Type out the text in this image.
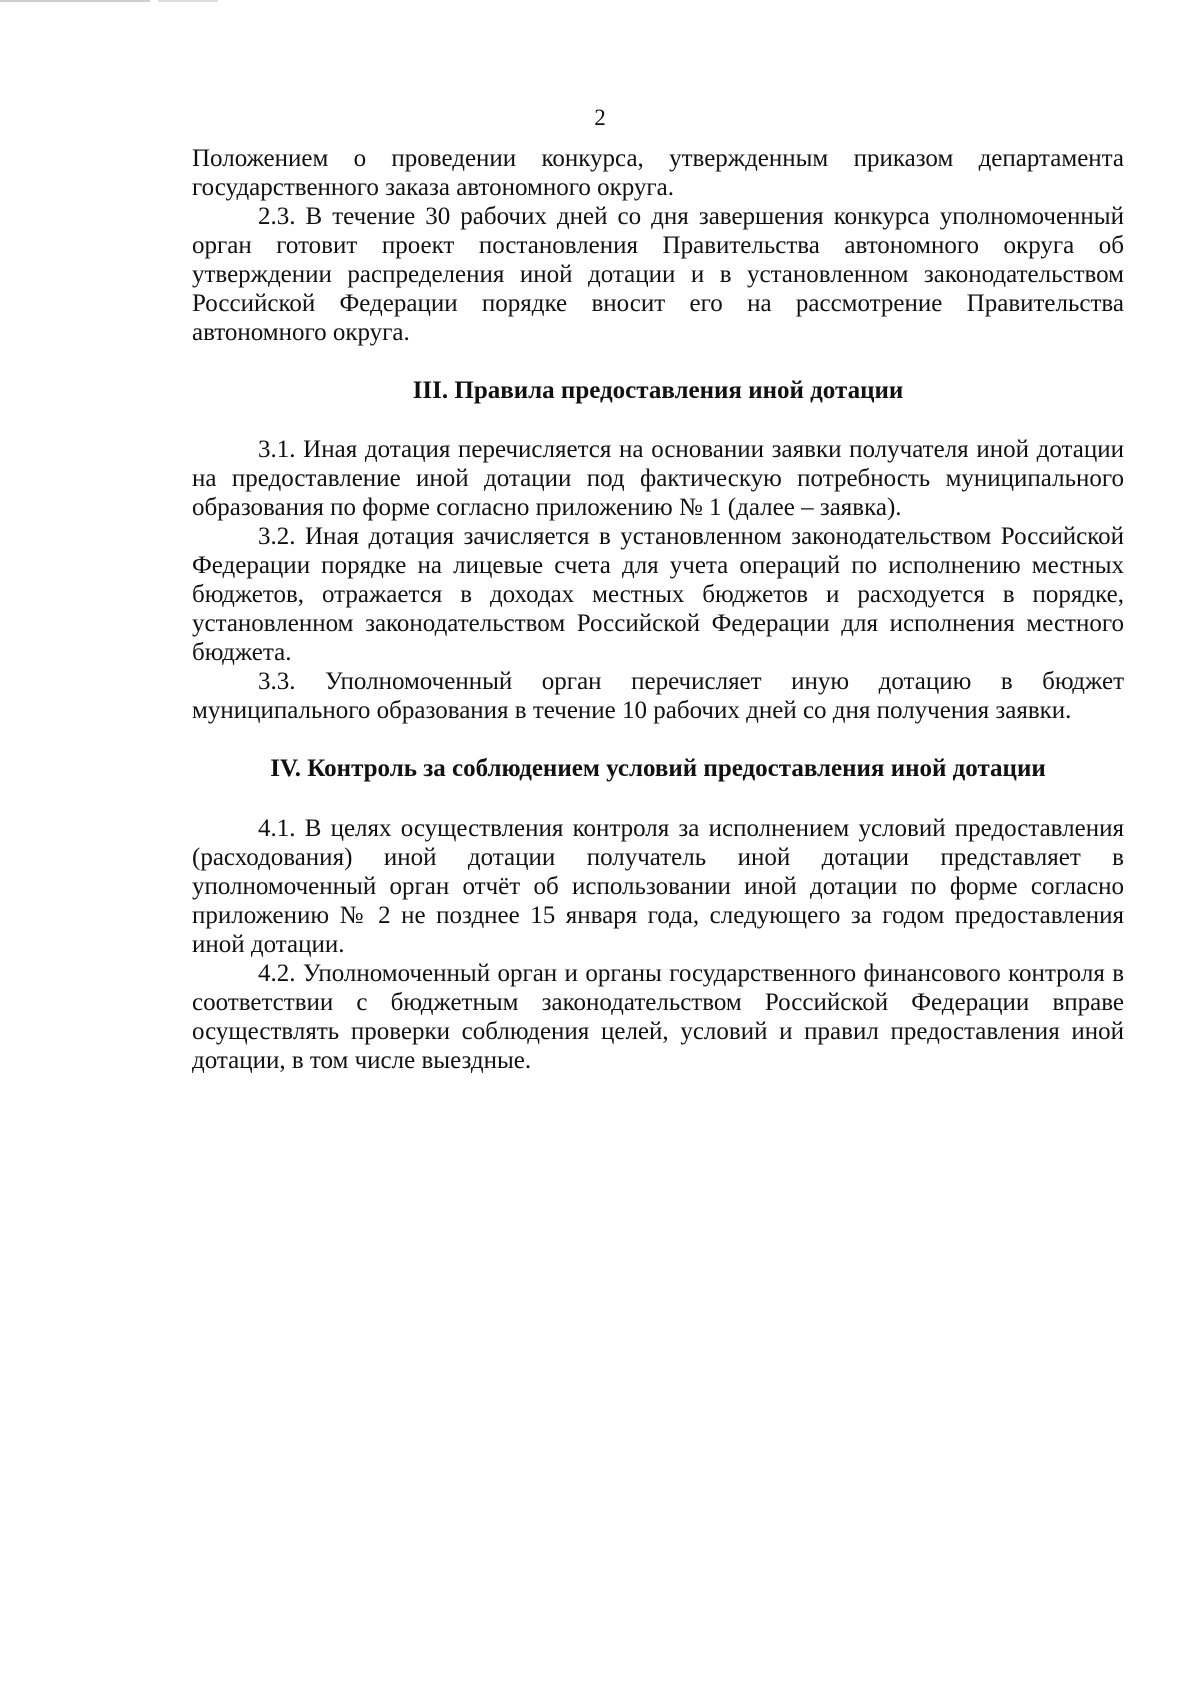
2

Положением о проведении конкурса, утвержденным приказом департамента государственного заказа автономного округа.

2.3. В течение 30 рабочих дней со дня завершения конкурса уполномоченный орган готовит проект постановления Правительства автономного округа об утверждении распределения иной дотации и в установленном законодательством Российской Федерации порядке вносит его на рассмотрение Правительства автономного округа.

III. Правила предоставления иной дотации

3.1. Иная дотация перечисляется на основании заявки получателя иной дотации на предоставление иной дотации под фактическую потребность муниципального образования по форме согласно приложению № 1 (далее – заявка).

3.2. Иная дотация зачисляется в установленном законодательством Российской Федерации порядке на лицевые счета для учета операций по исполнению местных бюджетов, отражается в доходах местных бюджетов и расходуется в порядке, установленном законодательством Российской Федерации для исполнения местного бюджета.

3.3. Уполномоченный орган перечисляет иную дотацию в бюджет муниципального образования в течение 10 рабочих дней со дня получения заявки.

IV. Контроль за соблюдением условий предоставления иной дотации

4.1. В целях осуществления контроля за исполнением условий предоставления (расходования) иной дотации получатель иной дотации представляет в уполномоченный орган отчёт об использовании иной дотации по форме согласно приложению № 2 не позднее 15 января года, следующего за годом предоставления иной дотации.

4.2. Уполномоченный орган и органы государственного финансового контроля в соответствии с бюджетным законодательством Российской Федерации вправе осуществлять проверки соблюдения целей, условий и правил предоставления иной дотации, в том числе выездные.
